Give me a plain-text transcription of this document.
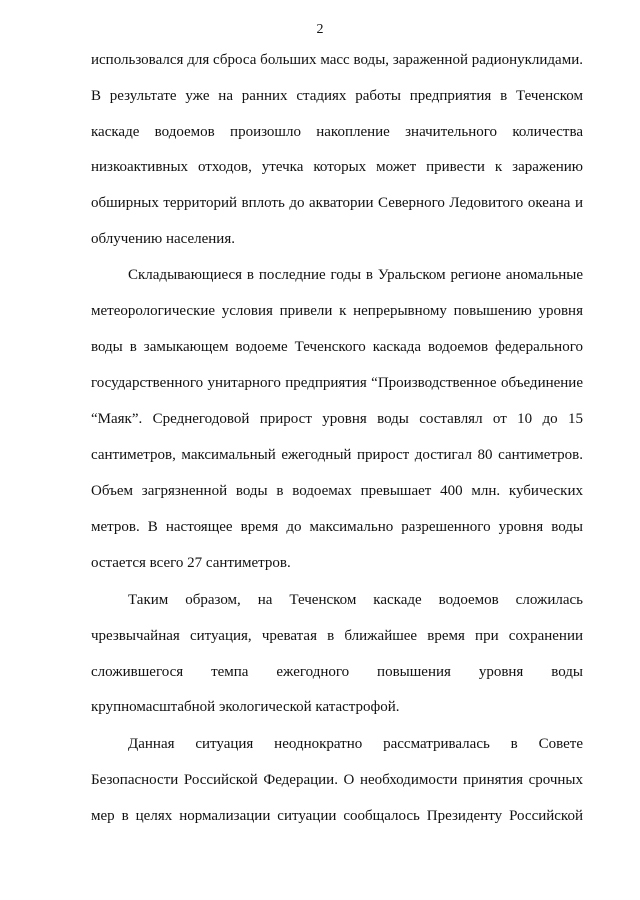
2
использовался для сброса больших масс воды, зараженной радионуклидами.
В результате уже на ранних стадиях работы предприятия в Теченском
каскаде водоемов произошло накопление значительного количества
низкоактивных отходов, утечка которых может привести к заражению
обширных территорий вплоть до акватории Северного Ледовитого океана и
облучению населения.
Складывающиеся в последние годы в Уральском регионе аномальные
метеорологические условия привели к непрерывному повышению уровня
воды в замыкающем водоеме Теченского каскада водоемов федерального
государственного унитарного предприятия “Производственное объединение
“Маяк”. Среднегодовой прирост уровня воды составлял от 10 до 15
сантиметров, максимальный ежегодный прирост достигал 80 сантиметров.
Объем загрязненной воды в водоемах превышает 400 млн. кубических
метров. В настоящее время до максимально разрешенного уровня воды
остается всего 27 сантиметров.
Таким образом, на Теченском каскаде водоемов сложилась
чрезвычайная ситуация, чреватая в ближайшее время при сохранении
сложившегося темпа ежегодного повышения уровня воды
крупномасштабной экологической катастрофой.
Данная ситуация неоднократно рассматривалась в Совете
Безопасности Российской Федерации. О необходимости принятия срочных
мер в целях нормализации ситуации сообщалось Президенту Российской
